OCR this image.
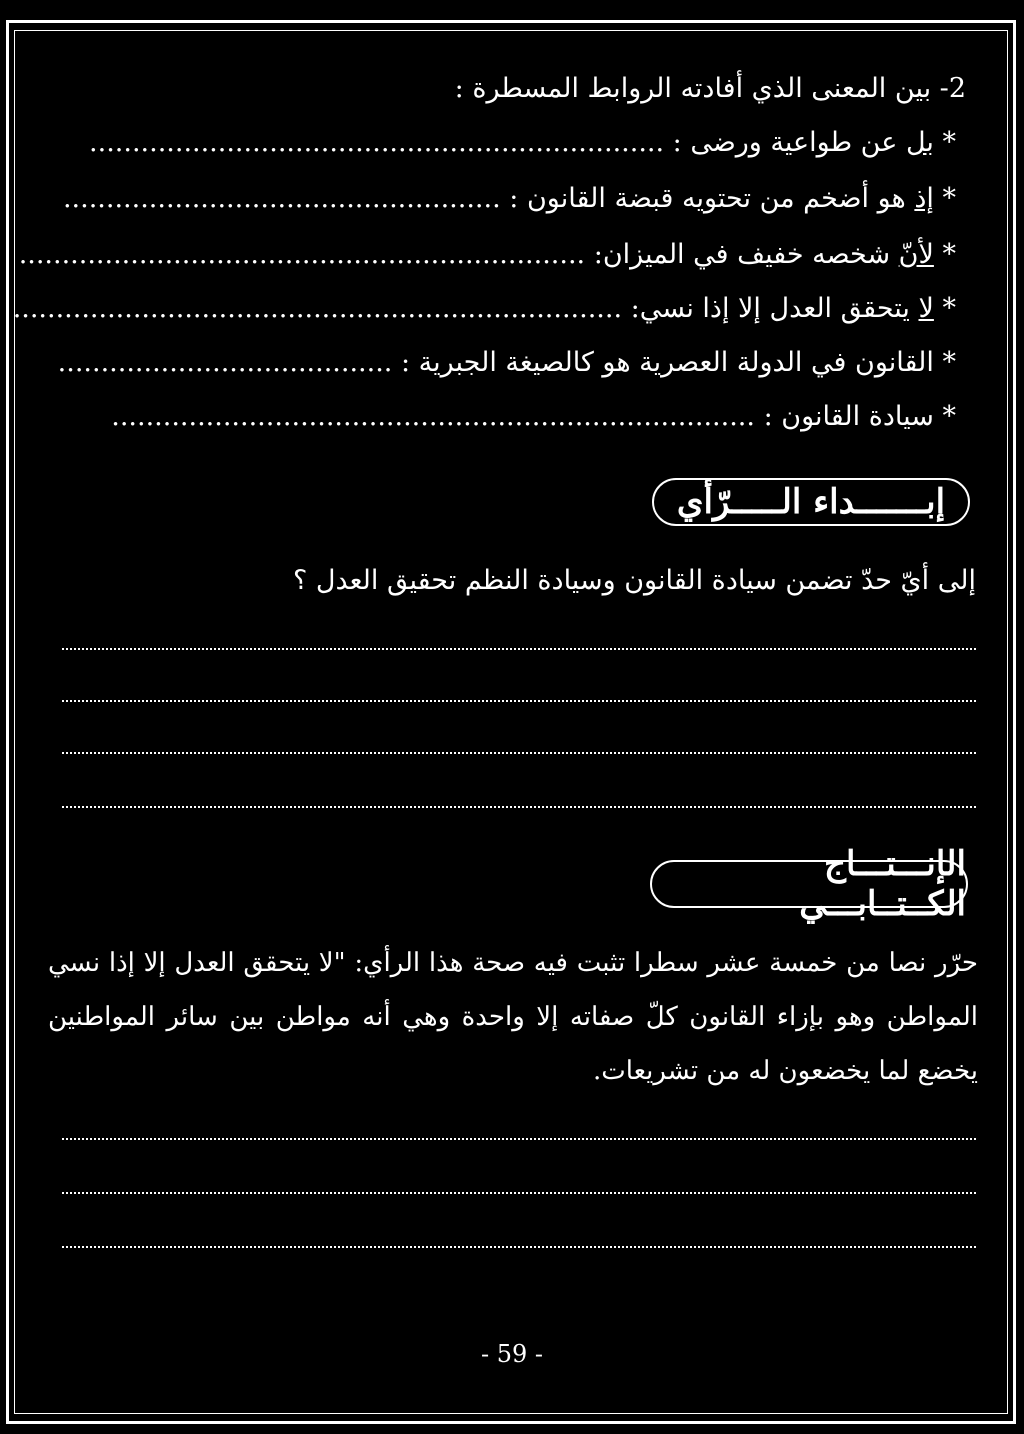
2- بين المعنى الذي أفادته الروابط المسطرة :
* بل عن طواعية ورضى : ...................................................................
* إذ هو أضخم من تحتويه قبضة القانون : ...................................................
* لأنّ شخصه خفيف في الميزان: ..................................................................
* لا يتحقق العدل إلا إذا نسي: .......................................................................
* القانون في الدولة العصرية هو كالصيغة الجبرية : .......................................
* سيادة القانون : ...........................................................................
إبـــــــداء الـــــرّأي
إلى أيّ حدّ تضمن سيادة القانون وسيادة النظم تحقيق العدل ؟
الإنـــتـــاج الكــتــابـــي
حرّر نصا من خمسة عشر سطرا تثبت فيه صحة هذا الرأي: "لا يتحقق العدل إلا إذا نسي المواطن وهو بإزاء القانون كلّ صفاته إلا واحدة وهي أنه مواطن بين سائر المواطنين يخضع لما يخضعون له من تشريعات.
- 59 -
